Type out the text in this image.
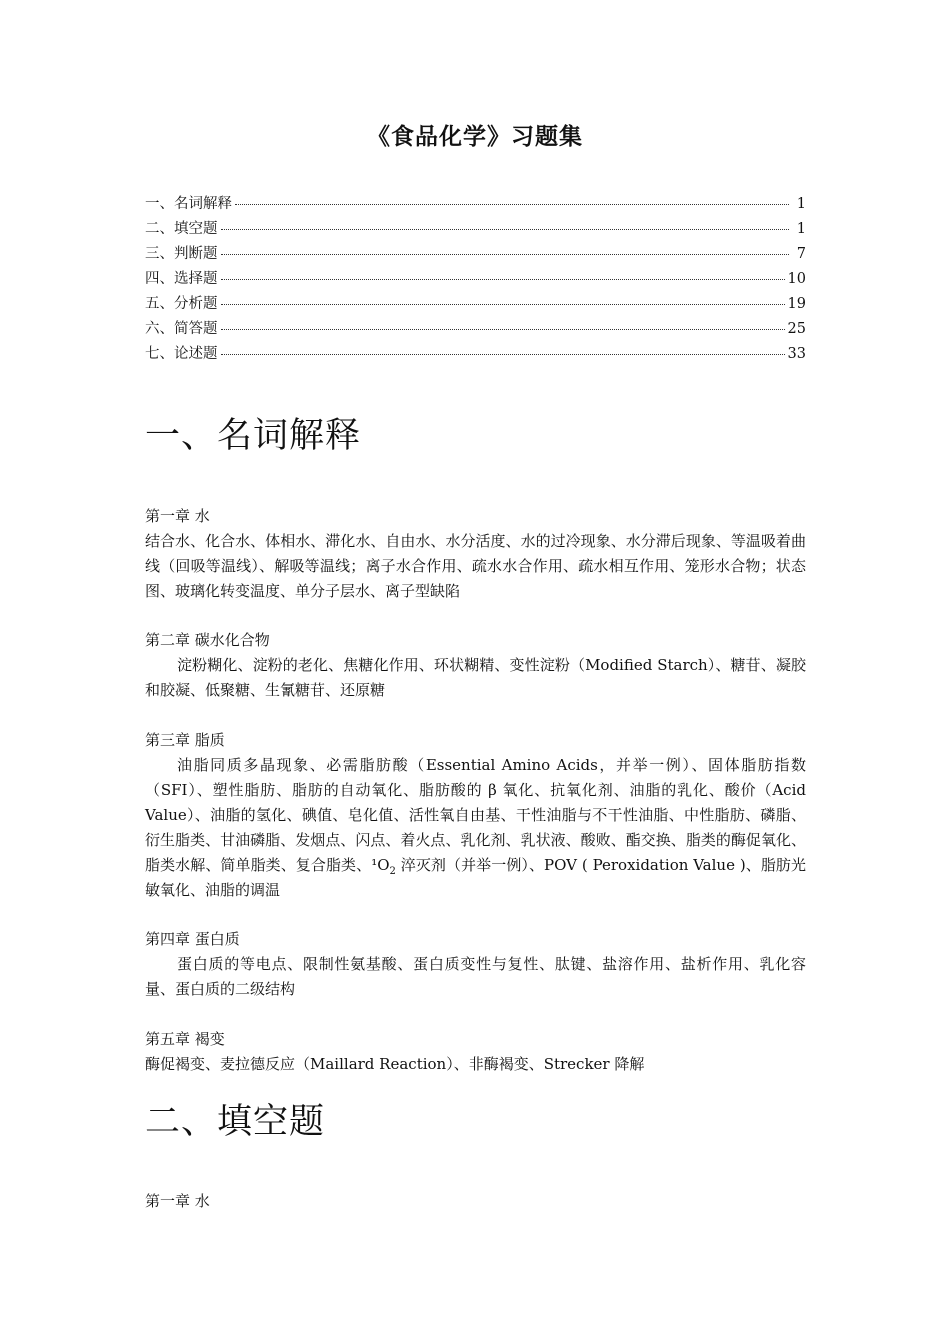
《食品化学》习题集
一、名词解释	1
二、填空题	1
三、判断题	7
四、选择题	10
五、分析题	19
六、简答题	25
七、论述题	33
一、名词解释
第一章 水
结合水、化合水、体相水、滞化水、自由水、水分活度、水的过冷现象、水分滞后现象、等温吸着曲线（回吸等温线）、解吸等温线；离子水合作用、疏水水合作用、疏水相互作用、笼形水合物；状态图、玻璃化转变温度、单分子层水、离子型缺陷
第二章 碳水化合物
淀粉糊化、淀粉的老化、焦糖化作用、环状糊精、变性淀粉（Modified Starch）、糖苷、凝胶和胶凝、低聚糖、生氰糖苷、还原糖
第三章 脂质
油脂同质多晶现象、必需脂肪酸（Essential Amino Acids，并举一例）、固体脂肪指数（SFI）、塑性脂肪、脂肪的自动氧化、脂肪酸的 β 氧化、抗氧化剂、油脂的乳化、酸价（Acid Value）、油脂的氢化、碘值、皂化值、活性氧自由基、干性油脂与不干性油脂、中性脂肪、磷脂、衍生脂类、甘油磷脂、发烟点、闪点、着火点、乳化剂、乳状液、酸败、酯交换、脂类的酶促氧化、脂类水解、简单脂类、复合脂类、$^1O_2$ 淬灭剂（并举一例）、POV ( Peroxidation Value )、脂肪光敏氧化、油脂的调温
第四章 蛋白质
蛋白质的等电点、限制性氨基酸、蛋白质变性与复性、肽键、盐溶作用、盐析作用、乳化容量、蛋白质的二级结构
第五章 褐变
酶促褐变、麦拉德反应（Maillard Reaction）、非酶褐变、Strecker 降解
二、填空题
第一章 水
